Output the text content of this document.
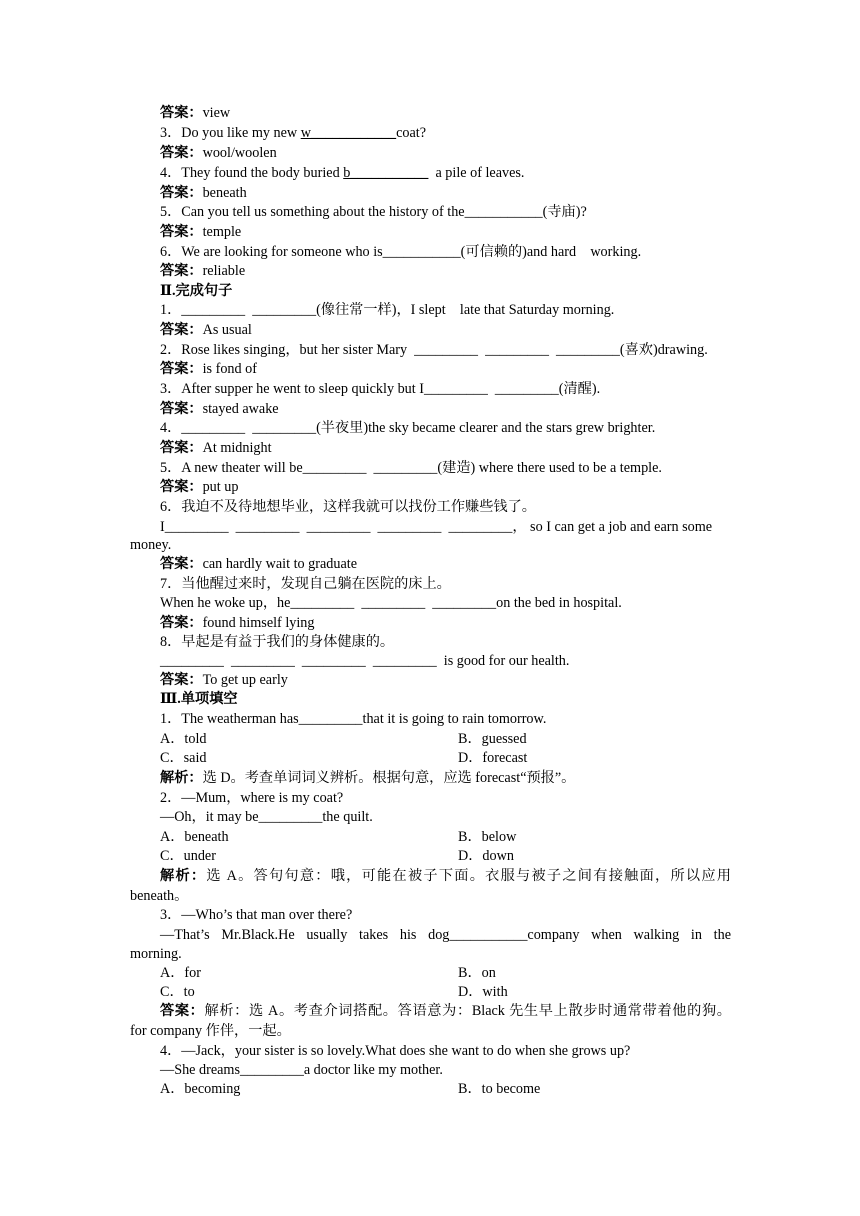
答案：view
3．Do you like my new w____________coat?
答案：wool/woolen
4．They found the body buried b___________  a pile of leaves.
答案：beneath
5．Can you tell us something about the history of the___________(寺庙)?
答案：temple
6．We are looking for someone who is___________(可信赖的)and hard    working.
答案：reliable
Ⅱ.完成句子
1．_________  _________(像往常一样)，I slept    late that Saturday morning.
答案：As usual
2．Rose likes singing，but her sister Mary  _________  _________  _________(喜欢)drawing.
答案：is fond of
3．After supper he went to sleep quickly but I_________  _________(清醒).
答案：stayed awake
4．_________  _________(半夜里)the sky became clearer and the stars grew brighter.
答案：At midnight
5．A new theater will be_________  _________(建造) where there used to be a temple.
答案：put up
6．我迫不及待地想毕业，这样我就可以找份工作赚些钱了。
I_________  _________  _________  _________  _________， so I can get a job and earn some
money.
答案：can hardly wait to graduate
7．当他醒过来时，发现自己躺在医院的床上。
When he woke up，he_________  _________  _________on the bed in hospital.
答案：found himself lying
8．早起是有益于我们的身体健康的。
_________  _________  _________  _________  is good for our health.
答案：To get up early
Ⅲ.单项填空
1．The weatherman has_________that it is going to rain tomorrow.
A．told	B．guessed
C．said	D．forecast
解析：选 D。考查单词词义辨析。根据句意，应选 forecast“预报”。
2．—Mum，where is my coat?
—Oh，it may be_________the quilt.
A．beneath	B．below
C．under	D．down
解析：选 A。答句句意：哦，可能在被子下面。衣服与被子之间有接触面，所以应用
beneath。
3．—Who’s that man over there?
—That’s Mr.Black.He usually takes his dog___________company when walking in the
morning.
A．for	B．on
C．to	D．with
答案：解析：选 A。考查介词搭配。答语意为：Black 先生早上散步时通常带着他的狗。
for company 作伴，一起。
4．—Jack，your sister is so lovely.What does she want to do when she grows up?
—She dreams_________a doctor like my mother.
A．becoming	B．to become
